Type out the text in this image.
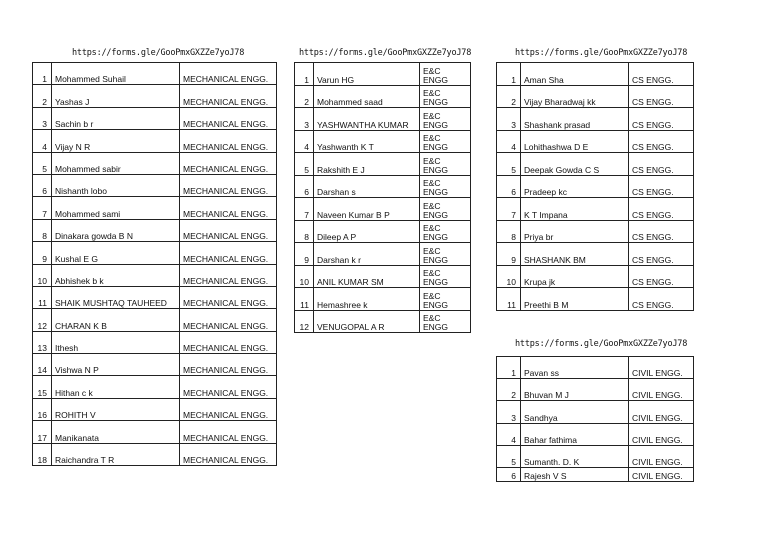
https://forms.gle/GooPmxGXZZe7yoJ78	https://forms.gle/GooPmxGXZZe7yoJ78	https://forms.gle/GooPmxGXZZe7yoJ78
https://forms.gle/GooPmxGXZZe7yoJ78
1	Mohammed Suhail	MECHANICAL ENGG.
2	Yashas J	MECHANICAL ENGG.
3	Sachin b r	MECHANICAL ENGG.
4	Vijay N R	MECHANICAL ENGG.
5	Mohammed sabir	MECHANICAL ENGG.
6	Nishanth lobo	MECHANICAL ENGG.
7	Mohammed sami	MECHANICAL ENGG.
8	Dinakara gowda B N	MECHANICAL ENGG.
9	Kushal E G	MECHANICAL ENGG.
10	Abhishek b k	MECHANICAL ENGG.
11	SHAIK MUSHTAQ TAUHEED	MECHANICAL ENGG.
12	CHARAN K B	MECHANICAL ENGG.
13	Ithesh	MECHANICAL ENGG.
14	Vishwa N P	MECHANICAL ENGG.
15	Hithan c k	MECHANICAL ENGG.
16	ROHITH V	MECHANICAL ENGG.
17	Manikanata	MECHANICAL ENGG.
18	Raichandra T R	MECHANICAL ENGG.
1	Varun HG	E&C ENGG
2	Mohammed saad	E&C ENGG
3	YASHWANTHA KUMAR	E&C ENGG
4	Yashwanth K T	E&C ENGG
5	Rakshith E J	E&C ENGG
6	Darshan s	E&C ENGG
7	Naveen Kumar B P	E&C ENGG
8	Dileep A P	E&C ENGG
9	Darshan k r	E&C ENGG
10	ANIL KUMAR SM	E&C ENGG
11	Hemashree k	E&C ENGG
12	VENUGOPAL A R	E&C ENGG
1	Aman Sha	CS ENGG.
2	Vijay Bharadwaj kk	CS ENGG.
3	Shashank prasad	CS ENGG.
4	Lohithashwa D E	CS ENGG.
5	Deepak Gowda C S	CS ENGG.
6	Pradeep kc	CS ENGG.
7	K T Impana	CS ENGG.
8	Priya br	CS ENGG.
9	SHASHANK BM	CS ENGG.
10	Krupa jk	CS ENGG.
11	Preethi B M	CS ENGG.
1	Pavan ss	CIVIL ENGG.
2	Bhuvan M J	CIVIL ENGG.
3	Sandhya	CIVIL ENGG.
4	Bahar fathima	CIVIL ENGG.
5	Sumanth. D. K	CIVIL ENGG.
6	Rajesh V S	CIVIL ENGG.
